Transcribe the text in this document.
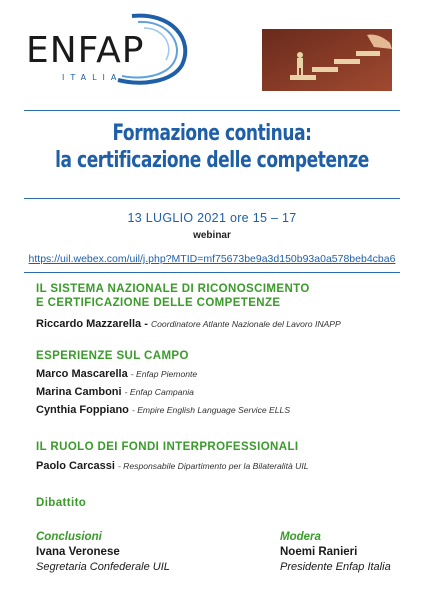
ENFAP
ITALIA
Formazione continua:
la certificazione delle competenze
13 LUGLIO 2021 ore 15 – 17
webinar
https://uil.webex.com/uil/j.php?MTID=mf75673be9a3d150b93a0a578beb4cba6
IL SISTEMA NAZIONALE DI RICONOSCIMENTO
E CERTIFICAZIONE DELLE COMPETENZE
Riccardo Mazzarella - Coordinatore Atlante Nazionale del Lavoro INAPP
ESPERIENZE SUL CAMPO
Marco Mascarella - Enfap Piemonte
Marina Camboni - Enfap Campania
Cynthia Foppiano - Empire English Language Service ELLS
IL RUOLO DEI FONDI INTERPROFESSIONALI
Paolo Carcassi - Responsabile Dipartimento per la Bilateralità UIL
Dibattito
Conclusioni
Ivana Veronese
Segretaria Confederale UIL
Modera
Noemi Ranieri
Presidente Enfap Italia
